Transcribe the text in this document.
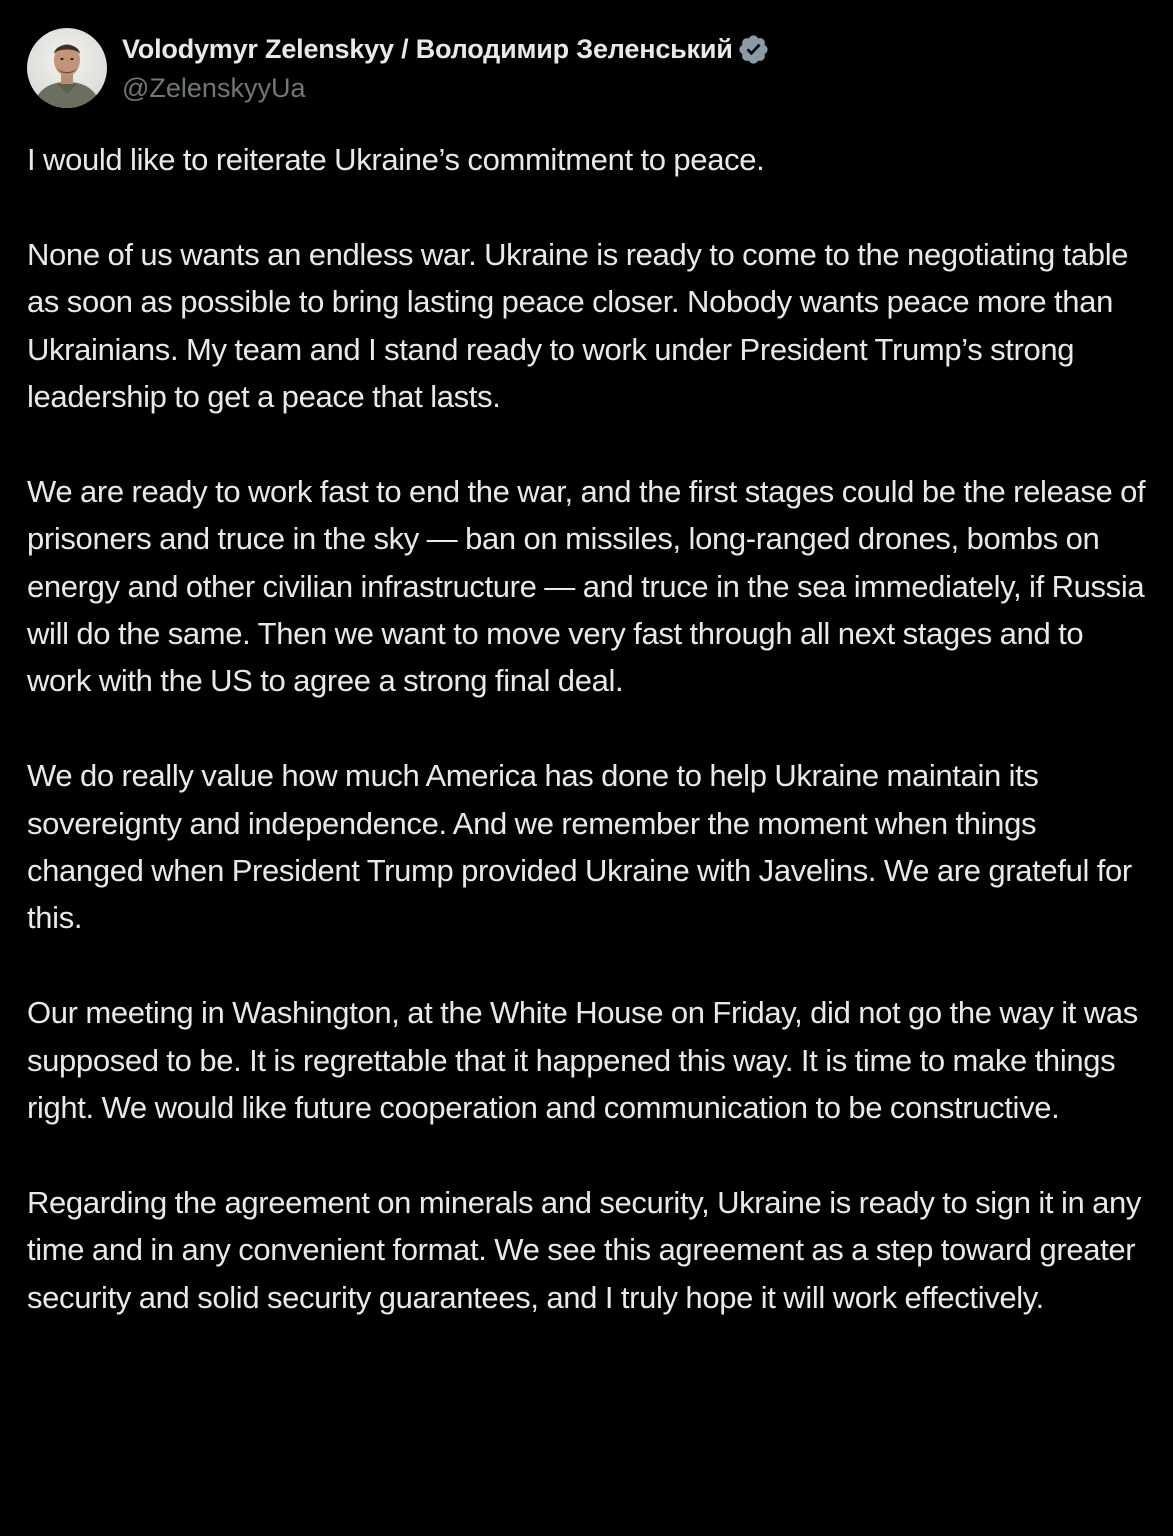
Volodymyr Zelenskyy / Володимир Зеленський
@ZelenskyyUa

I would like to reiterate Ukraine’s commitment to peace.

None of us wants an endless war. Ukraine is ready to come to the negotiating table as soon as possible to bring lasting peace closer. Nobody wants peace more than Ukrainians. My team and I stand ready to work under President Trump’s strong leadership to get a peace that lasts.

We are ready to work fast to end the war, and the first stages could be the release of prisoners and truce in the sky — ban on missiles, long-ranged drones, bombs on energy and other civilian infrastructure — and truce in the sea immediately, if Russia will do the same. Then we want to move very fast through all next stages and to work with the US to agree a strong final deal.

We do really value how much America has done to help Ukraine maintain its sovereignty and independence. And we remember the moment when things changed when President Trump provided Ukraine with Javelins. We are grateful for this.

Our meeting in Washington, at the White House on Friday, did not go the way it was supposed to be. It is regrettable that it happened this way. It is time to make things right. We would like future cooperation and communication to be constructive.

Regarding the agreement on minerals and security, Ukraine is ready to sign it in any time and in any convenient format. We see this agreement as a step toward greater security and solid security guarantees, and I truly hope it will work effectively.
